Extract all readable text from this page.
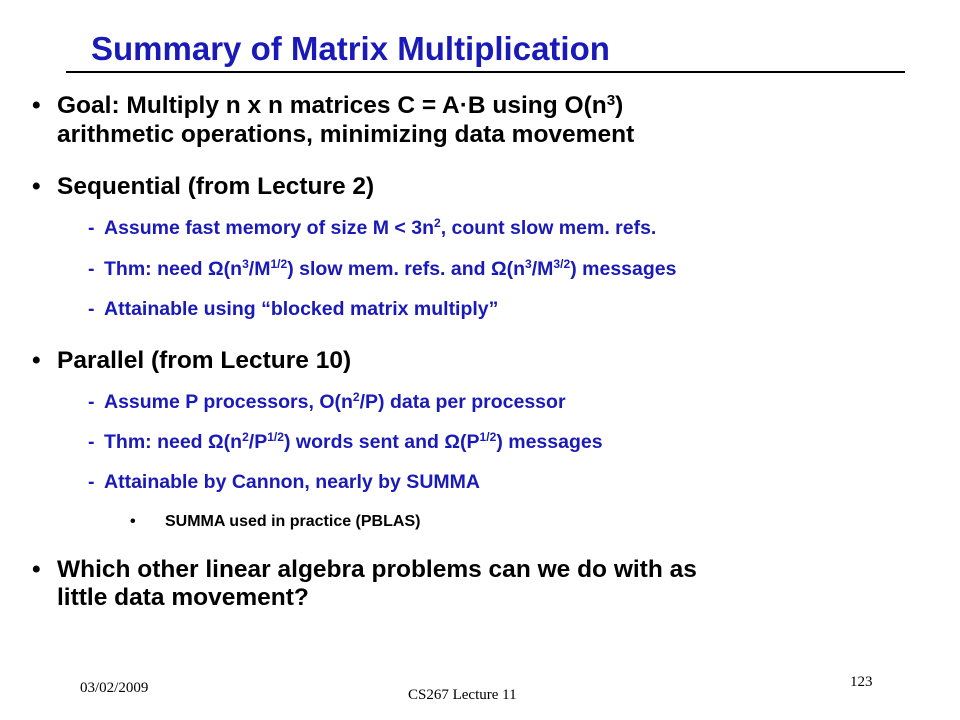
Summary of Matrix Multiplication
• Goal: Multiply n x n matrices C = A·B using $O(n^3)$
arithmetic operations, minimizing data movement
• Sequential (from Lecture 2)
- Assume fast memory of size $M < 3n^2$, count slow mem. refs.
- Thm: need $\Omega(n^3/M^{1/2})$ slow mem. refs. and $\Omega(n^3/M^{3/2})$ messages
- Attainable using “blocked matrix multiply”
• Parallel (from Lecture 10)
- Assume P processors, $O(n^2/P)$ data per processor
- Thm: need $\Omega(n^2/P^{1/2})$ words sent and $\Omega(P^{1/2})$ messages
- Attainable by Cannon, nearly by SUMMA
• SUMMA used in practice (PBLAS)
• Which other linear algebra problems can we do with as
little data movement?
03/02/2009	CS267 Lecture 11
123
